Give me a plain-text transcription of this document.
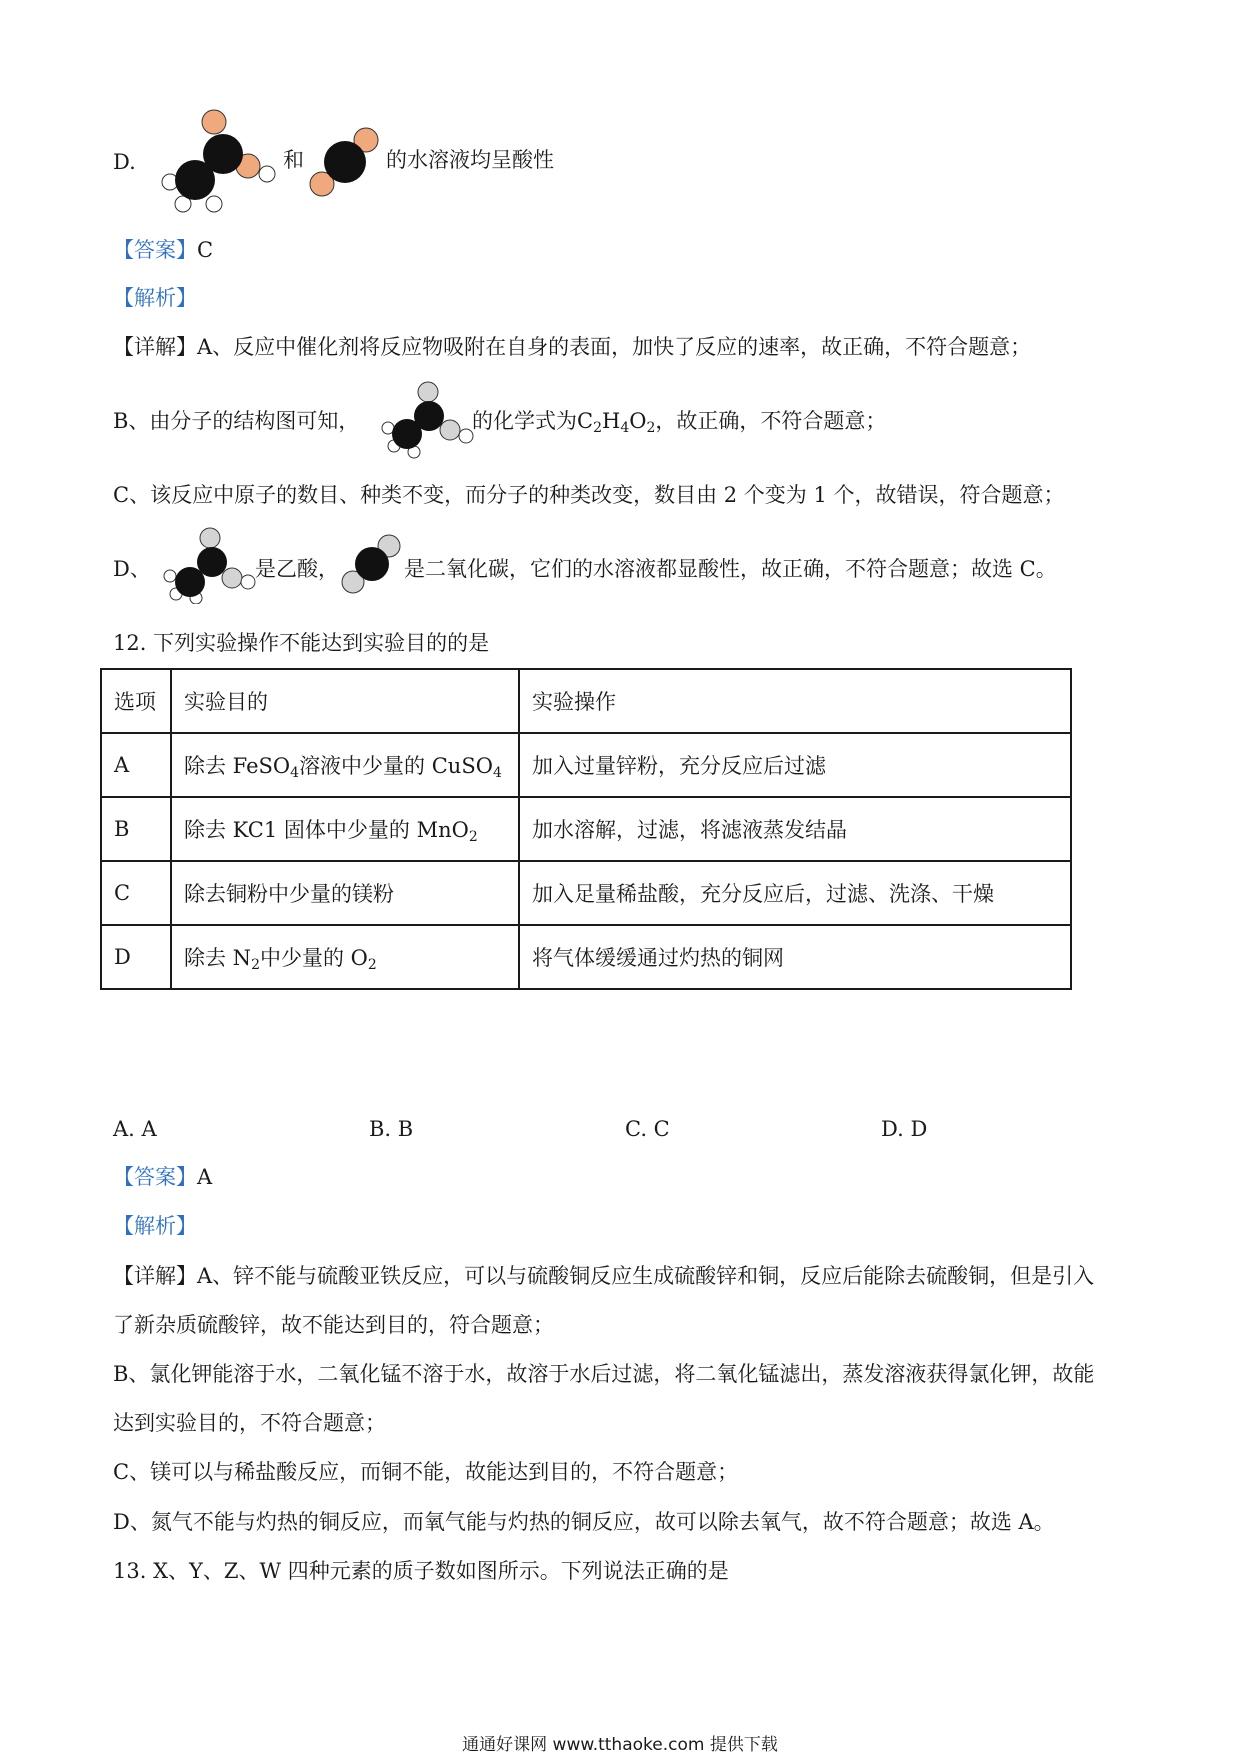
D.	和	的水溶液均呈酸性
【答案】C
【解析】
【详解】A、反应中催化剂将反应物吸附在自身的表面，加快了反应的速率，故正确，不符合题意；
B、由分子的结构图可知，	的化学式为$C_2H_4O_2$，故正确，不符合题意；
C、该反应中原子的数目、种类不变，而分子的种类改变，数目由 2 个变为 1 个，故错误，符合题意；
D、	是乙酸，	是二氧化碳，它们的水溶液都显酸性，故正确，不符合题意；故选 C。
12. 下列实验操作不能达到实验目的的是
选项	实验目的	实验操作
A	除去 FeSO$_4$溶液中少量的 CuSO$_4$	加入过量锌粉，充分反应后过滤
B	除去 KC1 固体中少量的 MnO$_2$	加水溶解，过滤，将滤液蒸发结晶
C	除去铜粉中少量的镁粉	加入足量稀盐酸，充分反应后，过滤、洗涤、干燥
D	除去 $N_2$中少量的 $O_2$	将气体缓缓通过灼热的铜网
A. A	B. B	C. C	D. D
【答案】A
【解析】
【详解】A、锌不能与硫酸亚铁反应，可以与硫酸铜反应生成硫酸锌和铜，反应后能除去硫酸铜，但是引入
了新杂质硫酸锌，故不能达到目的，符合题意；
B、氯化钾能溶于水，二氧化锰不溶于水，故溶于水后过滤，将二氧化锰滤出，蒸发溶液获得氯化钾，故能
达到实验目的，不符合题意；
C、镁可以与稀盐酸反应，而铜不能，故能达到目的，不符合题意；
D、氮气不能与灼热的铜反应，而氧气能与灼热的铜反应，故可以除去氧气，故不符合题意；故选 A。
13. X、Y、Z、W 四种元素的质子数如图所示。下列说法正确的是
通通好课网 www.tthaoke.com 提供下载
